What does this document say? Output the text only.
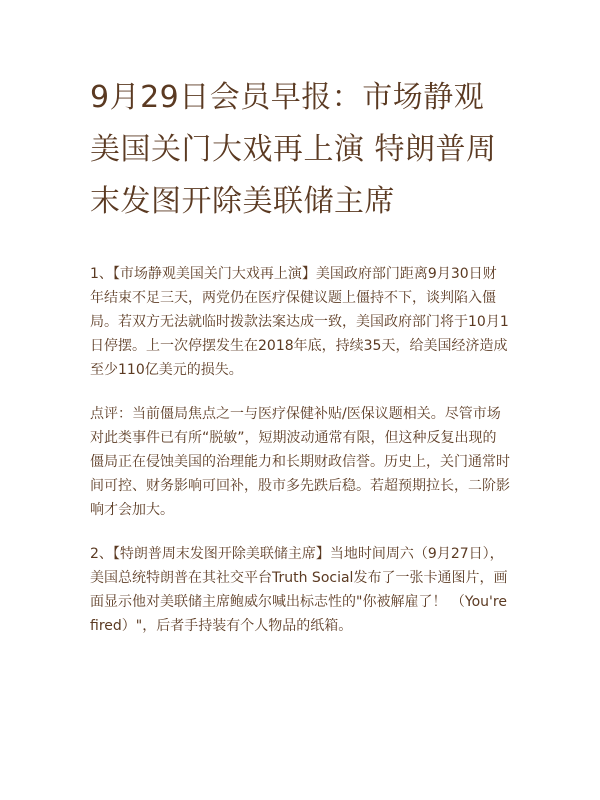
9月29日会员早报：市场静观美国关门大戏再上演 特朗普周末发图开除美联储主席

1、【市场静观美国关门大戏再上演】美国政府部门距离9月30日财年结束不足三天，两党仍在医疗保健议题上僵持不下，谈判陷入僵局。若双方无法就临时拨款法案达成一致，美国政府部门将于10月1日停摆。上一次停摆发生在2018年底，持续35天，给美国经济造成至少110亿美元的损失。

点评：当前僵局焦点之一与医疗保健补贴/医保议题相关。尽管市场对此类事件已有所“脱敏”，短期波动通常有限，但这种反复出现的僵局正在侵蚀美国的治理能力和长期财政信誉。历史上，关门通常时间可控、财务影响可回补，股市多先跌后稳。若超预期拉长，二阶影响才会加大。

2、【特朗普周末发图开除美联储主席】当地时间周六（9月27日），美国总统特朗普在其社交平台Truth Social发布了一张卡通图片，画面显示他对美联储主席鲍威尔喊出标志性的"你被解雇了！ （You're fired）"，后者手持装有个人物品的纸箱。
